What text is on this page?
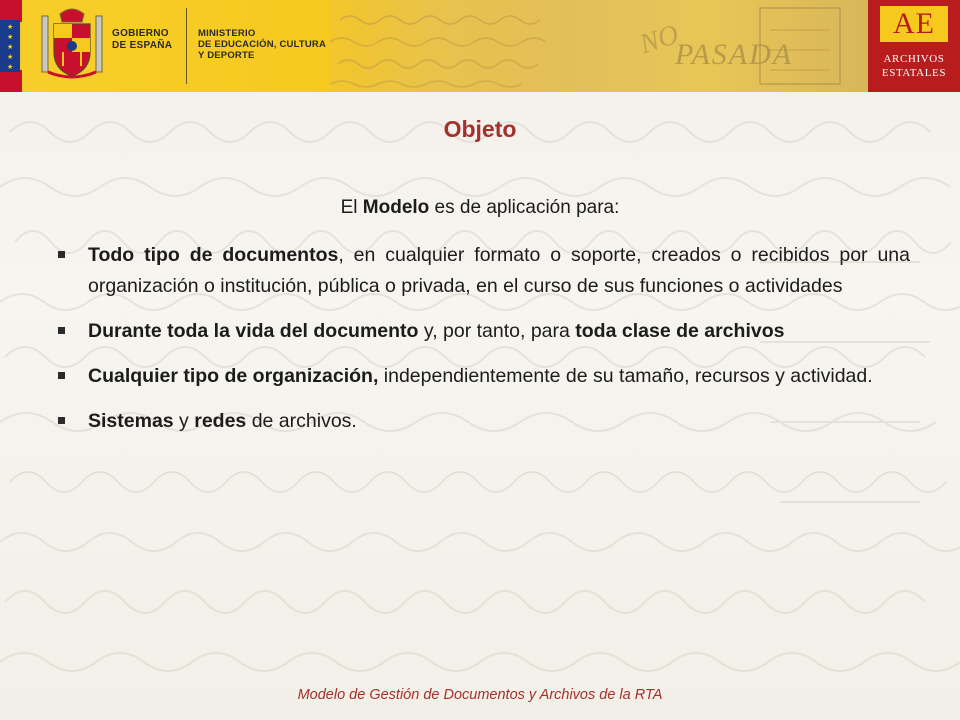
★
★
★
★
★
GOBIERNO
DE ESPAÑA
MINISTERIO
DE EDUCACIÓN, CULTURA
Y DEPORTE	NO
PASADA
AE
ARCHIVOS
ESTATALES
Objeto
El Modelo es de aplicación para:
Todo tipo de documentos, en cualquier formato o soporte, creados o recibidos por una organización o institución, pública o privada, en el curso de sus funciones o actividades
Durante toda la vida del documento y, por tanto, para toda clase de archivos
Cualquier tipo de organización, independientemente de su tamaño, recursos y actividad.
Sistemas y redes de archivos.
Modelo de Gestión de Documentos y Archivos de la RTA
